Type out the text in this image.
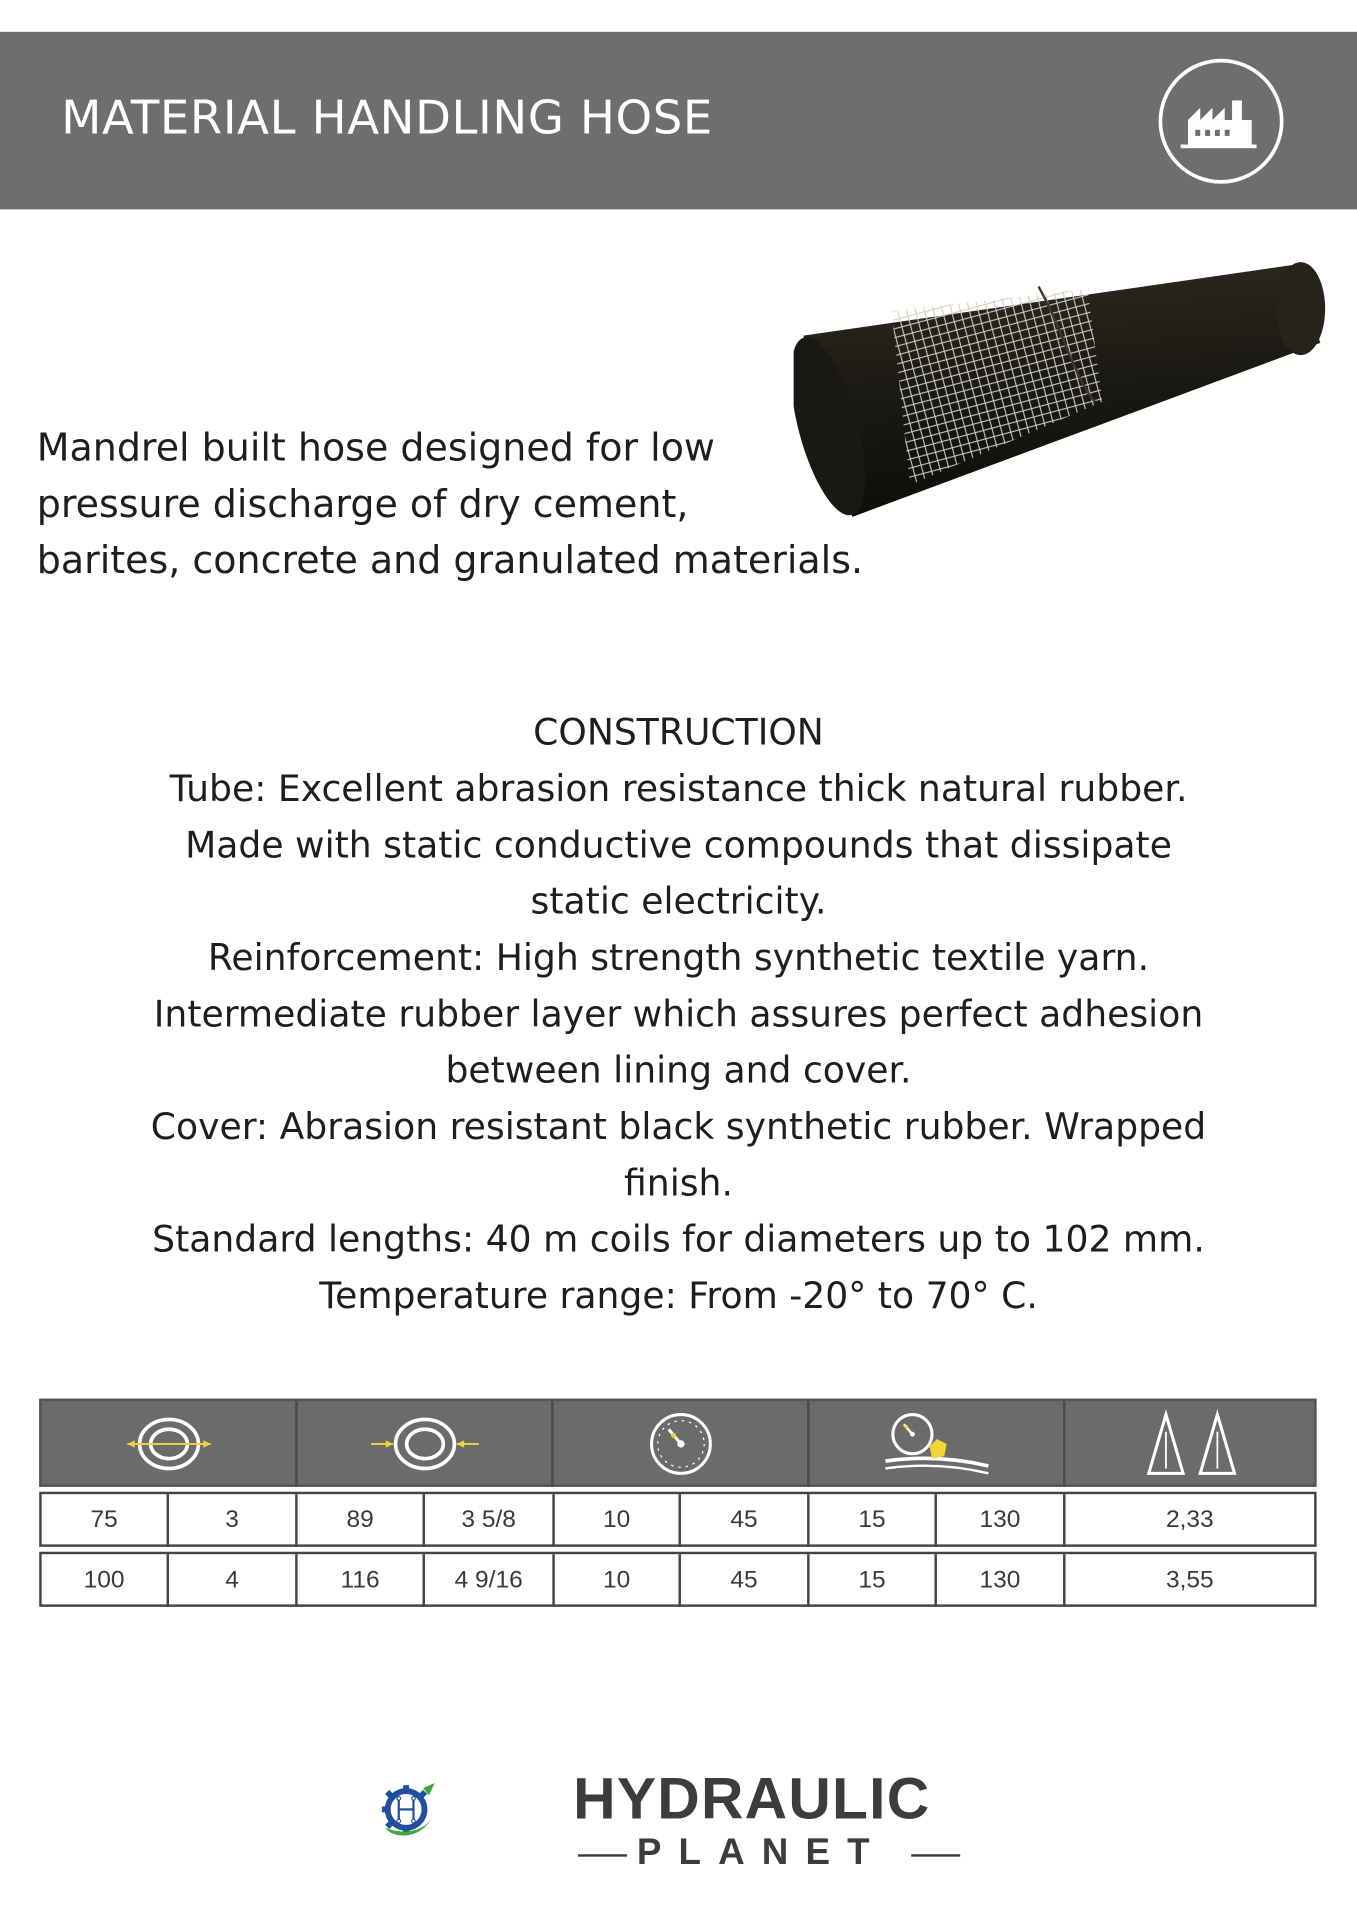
MATERIAL HANDLING HOSE
Mandrel built hose designed for low
pressure discharge of dry cement,
barites, concrete and granulated materials.
CONSTRUCTION
Tube: Excellent abrasion resistance thick natural rubber.
Made with static conductive compounds that dissipate
static electricity.
Reinforcement: High strength synthetic textile yarn.
Intermediate rubber layer which assures perfect adhesion
between lining and cover.
Cover: Abrasion resistant black synthetic rubber. Wrapped
finish.
Standard lengths: 40 m coils for diameters up to 102 mm.
Temperature range: From -20° to 70° C.
75	3	89	3 5/8	10	45	15	130	2,33
100	4	116	4 9/16	10	45	15	130	3,55
HYDRAULIC
PLANET
